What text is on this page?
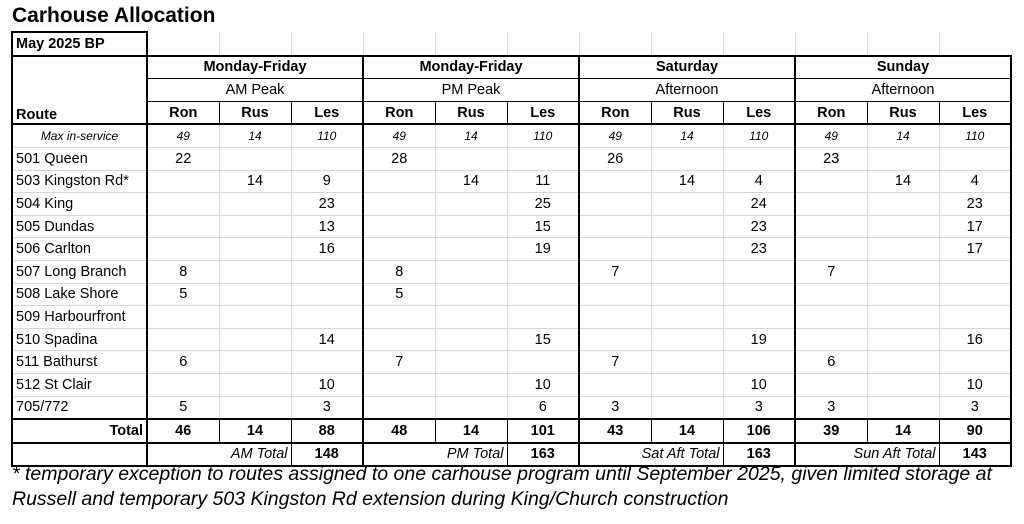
Carhouse Allocation
May 2025 BP												
Route	Monday-Friday			Monday-Friday			Saturday			Sunday		
	AM Peak			PM Peak			Afternoon			Afternoon		
	Ron	Rus	Les	Ron	Rus	Les	Ron	Rus	Les	Ron	Rus	Les
Max in-service	49	14	110	49	14	110	49	14	110	49	14	110
501 Queen	22			28			26			23		
503 Kingston Rd*		14	9		14	11		14	4		14	4
504 King			23			25			24			23
505 Dundas			13			15			23			17
506 Carlton			16			19			23			17
507 Long Branch	8			8			7			7		
508 Lake Shore	5			5								
509 Harbourfront												
510 Spadina			14			15			19			16
511 Bathurst	6			7			7			6		
512 St Clair			10			10			10			10
705/772	5		3			6	3		3	3		3
Total	46	14	88	48	14	101	43	14	106	39	14	90
	AM Total		148	PM Total		163	Sat Aft Total		163	Sun Aft Total		143
* temporary exception to routes assigned to one carhouse program until September 2025, given limited storage at Russell and temporary 503 Kingston Rd extension during King/Church construction
